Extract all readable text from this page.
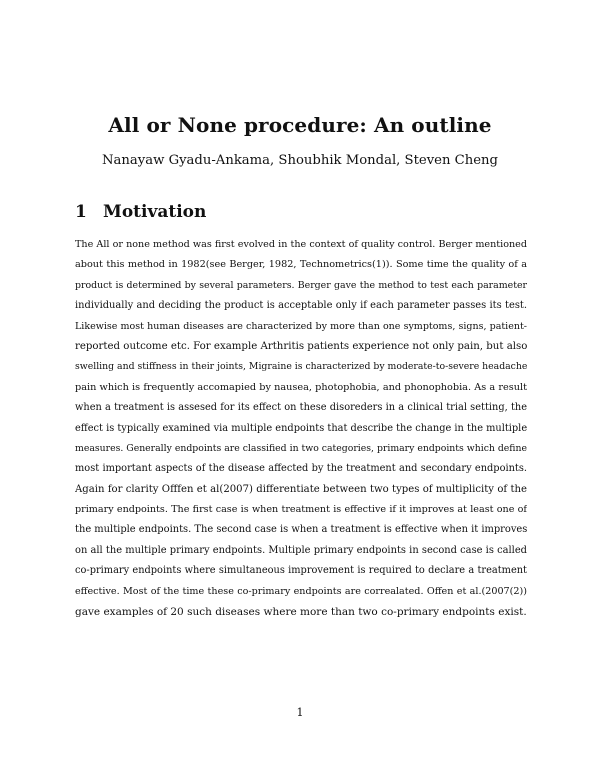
All or None procedure: An outline
Nanayaw Gyadu-Ankama, Shoubhik Mondal, Steven Cheng
1 Motivation
The All or none method was first evolved in the context of quality control. Berger mentioned
about this method in 1982(see Berger, 1982, Technometrics(1)). Some time the quality of a
product is determined by several parameters. Berger gave the method to test each parameter
individually and deciding the product is acceptable only if each parameter passes its test.
Likewise most human diseases are characterized by more than one symptoms, signs, patient-
reported outcome etc. For example Arthritis patients experience not only pain, but also
swelling and stiffness in their joints, Migraine is characterized by moderate-to-severe headache
pain which is frequently accomapied by nausea, photophobia, and phonophobia. As a result
when a treatment is assesed for its effect on these disoreders in a clinical trial setting, the
effect is typically examined via multiple endpoints that describe the change in the multiple
measures. Generally endpoints are classified in two categories, primary endpoints which define
most important aspects of the disease affected by the treatment and secondary endpoints.
Again for clarity Offfen et al(2007) differentiate between two types of multiplicity of the
primary endpoints. The first case is when treatment is effective if it improves at least one of
the multiple endpoints. The second case is when a treatment is effective when it improves
on all the multiple primary endpoints. Multiple primary endpoints in second case is called
co-primary endpoints where simultaneous improvement is required to declare a treatment
effective. Most of the time these co-primary endpoints are correalated. Offen et al.(2007(2))
gave examples of 20 such diseases where more than two co-primary endpoints exist.
1
